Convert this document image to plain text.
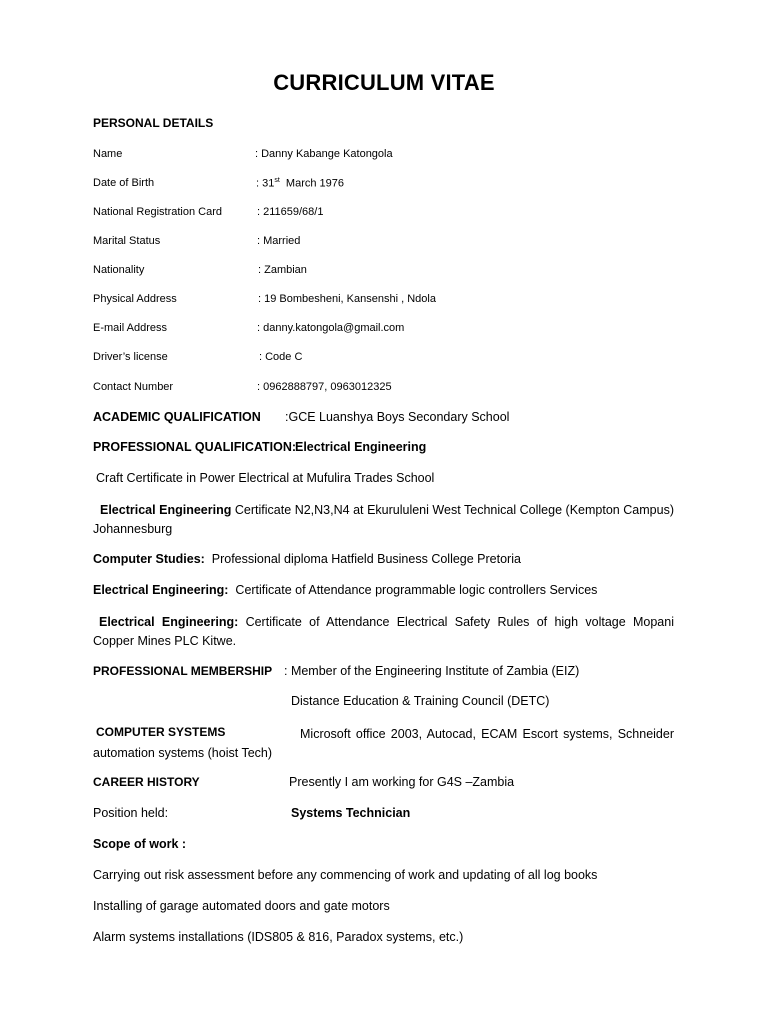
CURRICULUM VITAE
PERSONAL DETAILS
Name	: Danny Kabange Katongola
Date of Birth	: 31st  March 1976
National Registration Card	: 211659/68/1
Marital Status	: Married
Nationality	: Zambian
Physical Address	: 19 Bombesheni, Kansenshi , Ndola
E-mail Address	: danny.katongola@gmail.com
Driver’s license	: Code C
Contact Number	: 0962888797, 0963012325
ACADEMIC QUALIFICATION :GCE Luanshya Boys Secondary School
PROFESSIONAL QUALIFICATION:
Electrical Engineering
Craft Certificate in Power Electrical at Mufulira Trades School
Electrical Engineering Certificate N2,N3,N4 at Ekurululeni West Technical College (Kempton Campus) Johannesburg
Computer Studies:  Professional diploma Hatfield Business College Pretoria
Electrical Engineering:  Certificate of Attendance programmable logic controllers Services
Electrical Engineering: Certificate of Attendance Electrical Safety Rules of high voltage Mopani Copper Mines PLC Kitwe.
PROFESSIONAL MEMBERSHIP : Member of the Engineering Institute of Zambia (EIZ)
Distance Education & Training Council (DETC)
COMPUTER SYSTEMS	Microsoft office 2003, Autocad, ECAM Escort systems, Schneider automation systems (hoist Tech)
CAREER HISTORY	Presently I am working for G4S –Zambia
Position held:	Systems Technician
Scope of work :
Carrying out risk assessment before any commencing of work and updating of all log books
Installing of garage automated doors and gate motors
Alarm systems installations (IDS805 & 816, Paradox systems, etc.)
